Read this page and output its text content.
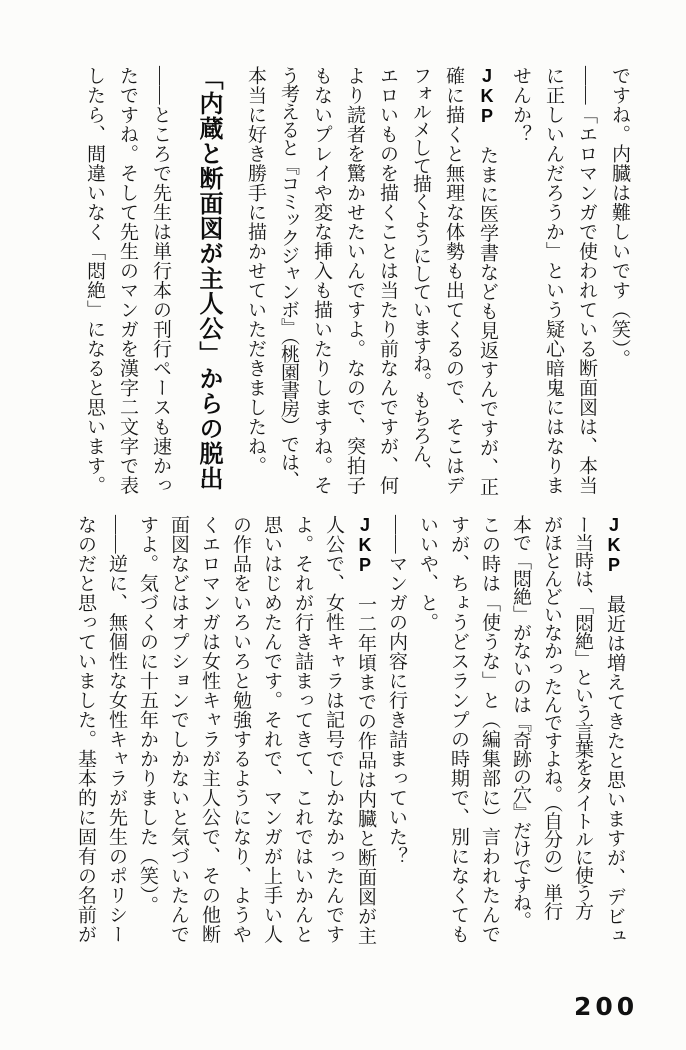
ですね。内臓は難しいです（笑）。
――「エロマンガで使われている断面図は、本当
に正しいんだろうか」という疑心暗鬼にはなりま
せんか？
JKP　たまに医学書なども見返すんですが、正
確に描くと無理な体勢も出てくるので、そこはデ
フォルメして描くようにしていますね。もちろん、
エロいものを描くことは当たり前なんですが、何
より読者を驚かせたいんですよ。なので、突拍子
もないプレイや変な挿入も描いたりしますね。そ
う考えると『コミックジャンボ』（桃園書房）では、
本当に好き勝手に描かせていただきましたね。
「内蔵と断面図が主人公」からの脱出
――ところで先生は単行本の刊行ペースも速かっ
たですね。そして先生のマンガを漢字二文字で表
したら、間違いなく「悶絶」になると思います。
JKP　最近は増えてきたと思いますが、デビュ
ー当時は、「悶絶」という言葉をタイトルに使う方
がほとんどいなかったんですよね。（自分の）単行
本で「悶絶」がないのは『奇跡の穴』だけですね。
この時は「使うな」と（編集部に）言われたんで
すが、ちょうどスランプの時期で、別になくても
いいや、と。
――マンガの内容に行き詰まっていた？
JKP　一二年頃までの作品は内臓と断面図が主
人公で、女性キャラは記号でしかなかったんです
よ。それが行き詰まってきて、これではいかんと
思いはじめたんです。それで、マンガが上手い人
の作品をいろいろと勉強するようになり、ようや
くエロマンガは女性キャラが主人公で、その他断
面図などはオプションでしかないと気づいたんで
すよ。気づくのに十五年かかりました（笑）。
――逆に、無個性な女性キャラが先生のポリシー
なのだと思っていました。基本的に固有の名前が
200
